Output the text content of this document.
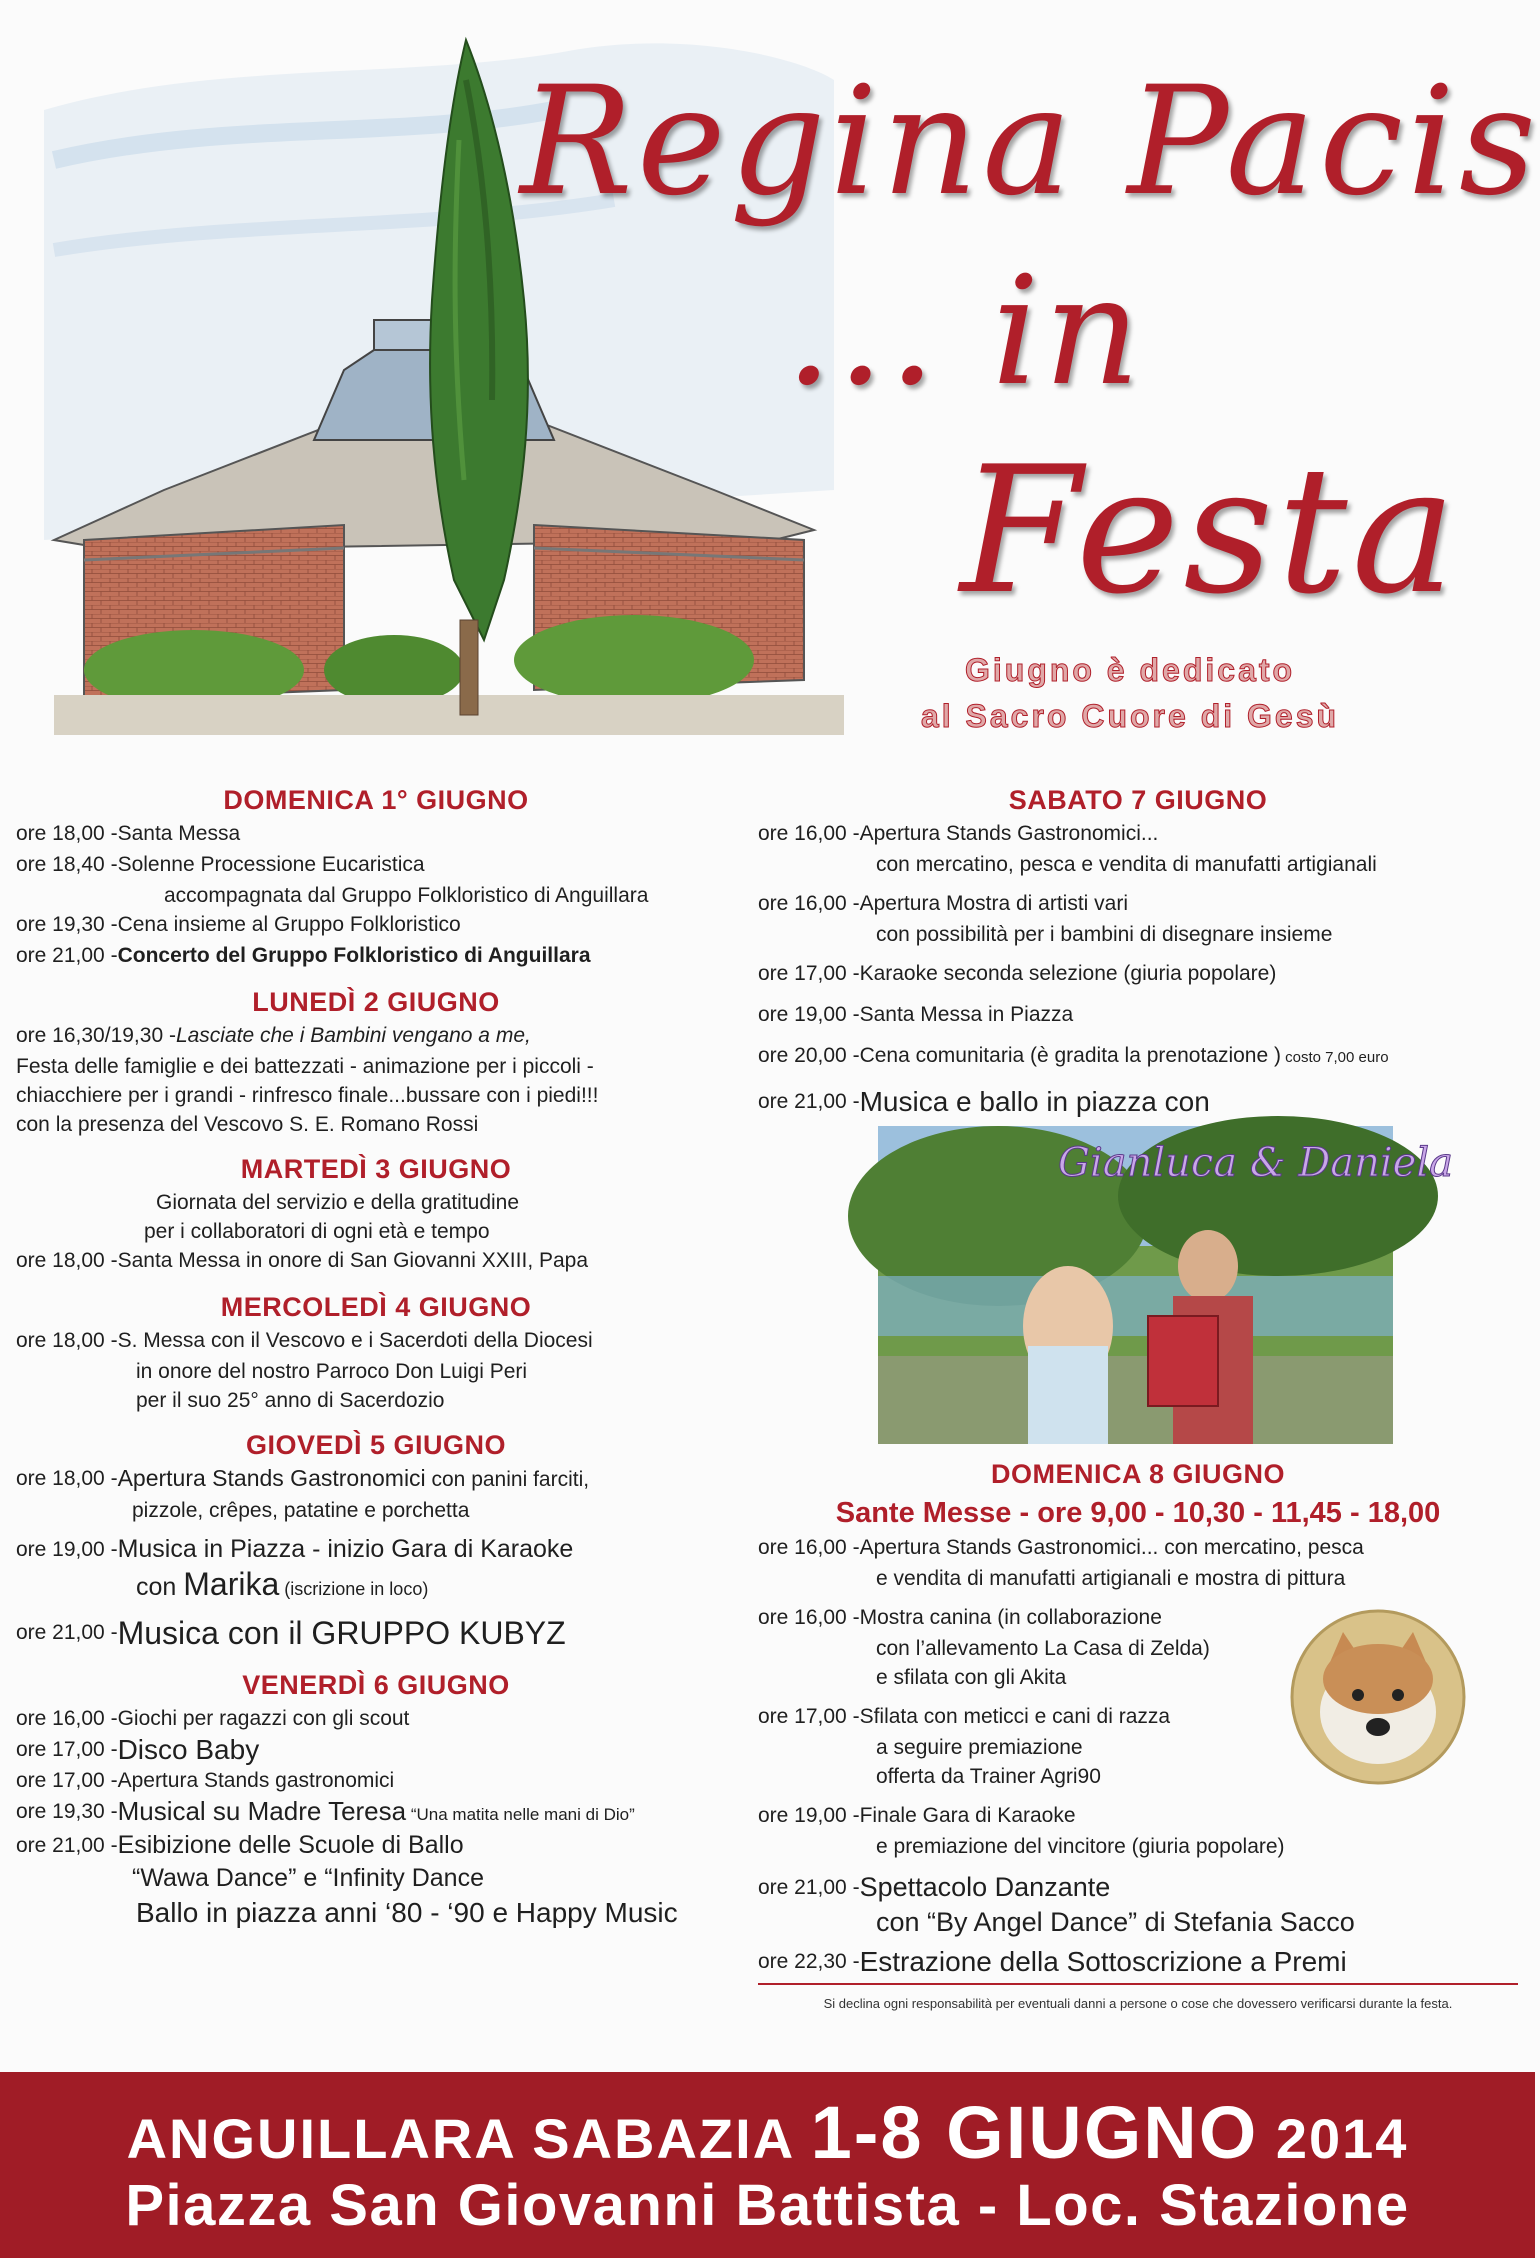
Regina Pacis
... in
Festa
Giugno è dedicato
al Sacro Cuore di Gesù
DOMENICA 1° GIUGNO
ore 18,00 - Santa Messa
ore 18,40 - Solenne Processione Eucaristica
accompagnata dal Gruppo Folkloristico di Anguillara
ore 19,30 - Cena insieme al Gruppo Folkloristico
ore 21,00 - Concerto del Gruppo Folkloristico di Anguillara
LUNEDÌ 2 GIUGNO
ore 16,30/19,30 - Lasciate che i Bambini vengano a me,
Festa delle famiglie e dei battezzati - animazione per i piccoli -
chiacchiere per i grandi - rinfresco finale...bussare con i piedi!!!
con la presenza del Vescovo S. E. Romano Rossi
MARTEDÌ 3 GIUGNO
Giornata del servizio e della gratitudine
per i collaboratori di ogni età e tempo
ore 18,00 - Santa Messa in onore di San Giovanni XXIII, Papa
MERCOLEDÌ 4 GIUGNO
ore 18,00 - S. Messa con il Vescovo e i Sacerdoti della Diocesi
in onore del nostro Parroco Don Luigi Peri
per il suo 25° anno di Sacerdozio
GIOVEDÌ 5 GIUGNO
ore 18,00 - Apertura Stands Gastronomici con panini farciti,
pizzole, crêpes, patatine e porchetta
ore 19,00 - Musica in Piazza - inizio Gara di Karaoke
con Marika (iscrizione in loco)
ore 21,00 - Musica con il GRUPPO KUBYZ
VENERDÌ 6 GIUGNO
ore 16,00 - Giochi per ragazzi con gli scout
ore 17,00 - Disco Baby
ore 17,00 - Apertura Stands gastronomici
ore 19,30 - Musical su Madre Teresa “Una matita nelle mani di Dio”
ore 21,00 - Esibizione delle Scuole di Ballo
“Wawa Dance” e “Infinity Dance
Ballo in piazza anni ‘80 - ‘90 e Happy Music
SABATO 7 GIUGNO
ore 16,00 - Apertura Stands Gastronomici...
con mercatino, pesca e vendita di manufatti artigianali
ore 16,00 - Apertura Mostra di artisti vari
con possibilità per i bambini di disegnare insieme
ore 17,00 - Karaoke seconda selezione (giuria popolare)
ore 19,00 - Santa Messa in Piazza
ore 20,00 - Cena comunitaria (è gradita la prenotazione ) costo 7,00 euro
ore 21,00 - Musica e ballo in piazza con
Gianluca & Daniela
DOMENICA 8 GIUGNO
Sante Messe - ore 9,00 - 10,30 - 11,45 - 18,00
ore 16,00 - Apertura Stands Gastronomici... con mercatino, pesca
e vendita di manufatti artigianali e mostra di pittura
ore 16,00 - Mostra canina (in collaborazione
con l’allevamento La Casa di Zelda)
e sfilata con gli Akita
ore 17,00 - Sfilata con meticci e cani di razza
a seguire premiazione
offerta da Trainer Agri90
ore 19,00 - Finale Gara di Karaoke
e premiazione del vincitore (giuria popolare)
ore 21,00 - Spettacolo Danzante
con “By Angel Dance” di Stefania Sacco
ore 22,30 - Estrazione della Sottoscrizione a Premi
Si declina ogni responsabilità per eventuali danni a persone o cose che dovessero verificarsi durante la festa.
ANGUILLARA SABAZIA 1-8 GIUGNO 2014
Piazza San Giovanni Battista - Loc. Stazione
